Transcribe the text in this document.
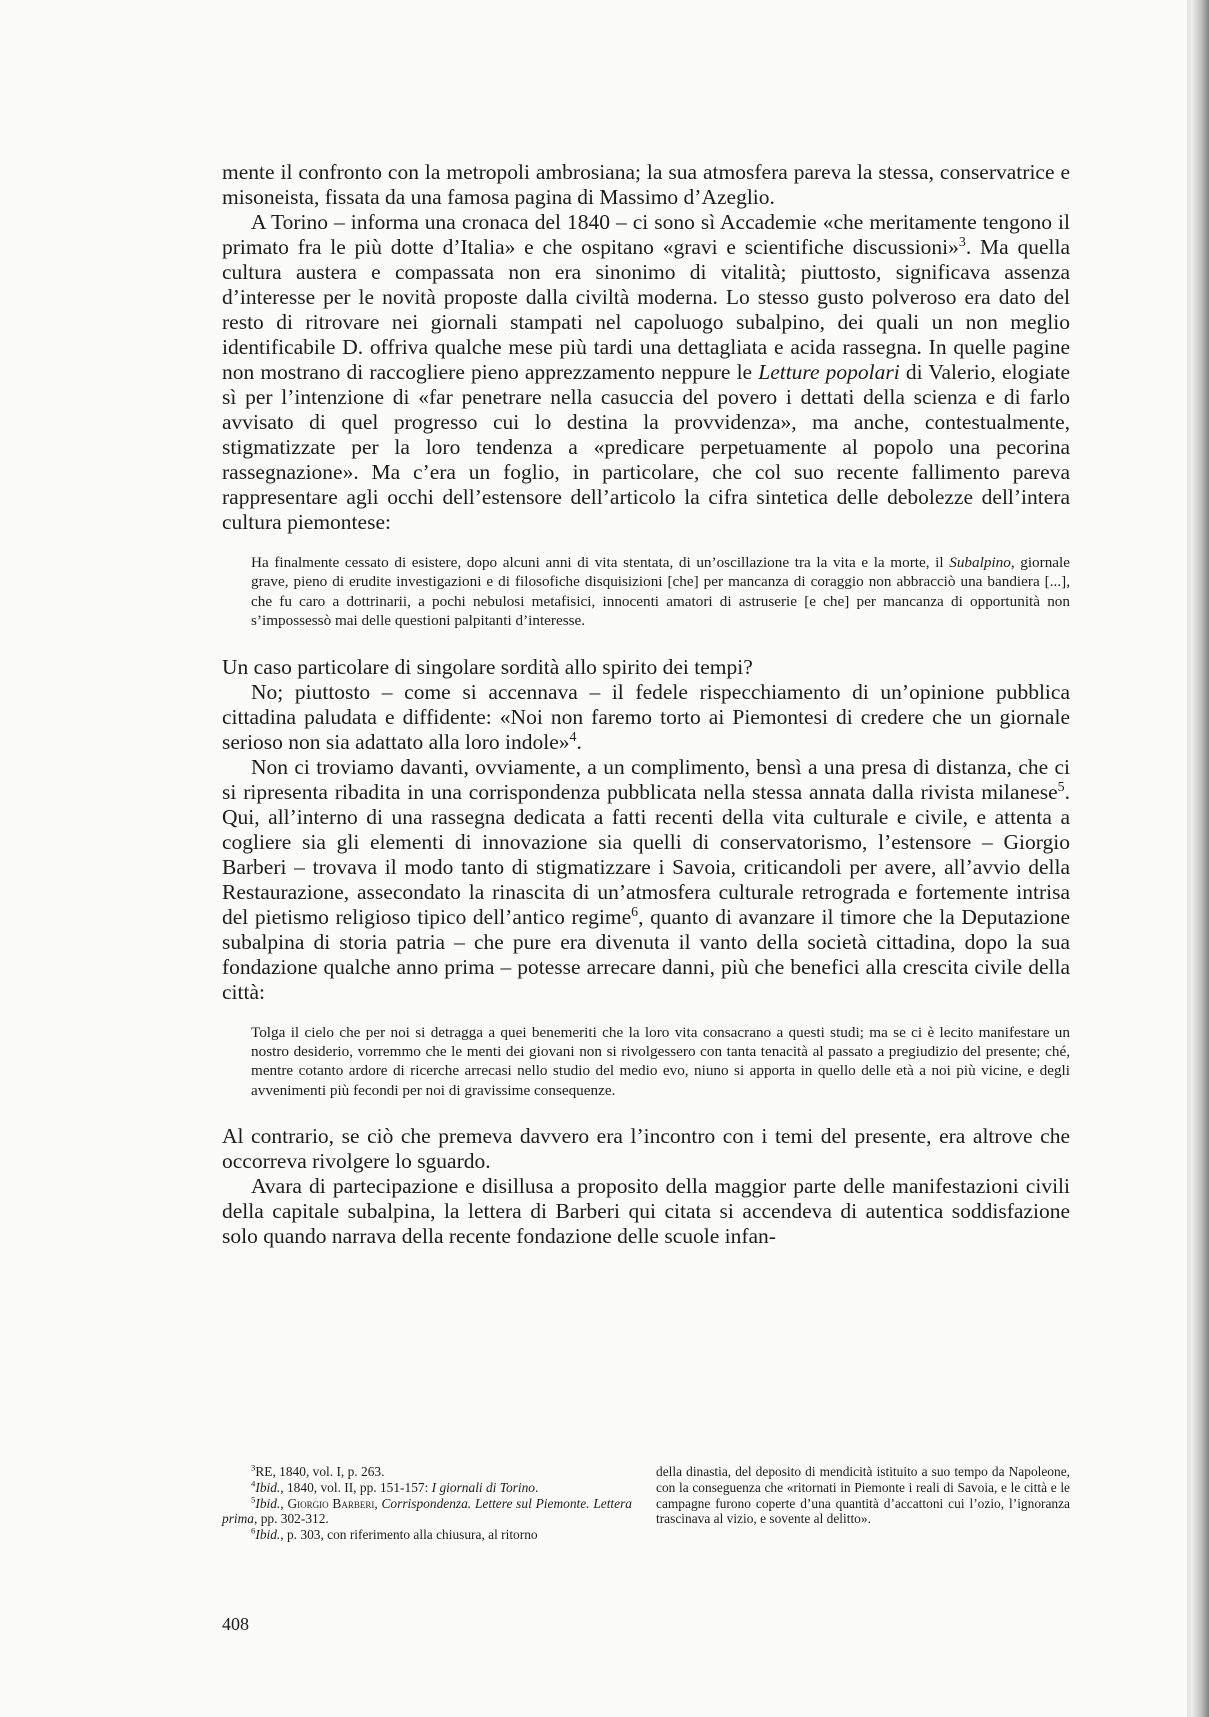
mente il confronto con la metropoli ambrosiana; la sua atmosfera pareva la stessa, conservatrice e misoneista, fissata da una famosa pagina di Massimo d’Azeglio.

A Torino – informa una cronaca del 1840 – ci sono sì Accademie «che meritamente tengono il primato fra le più dotte d’Italia» e che ospitano «gravi e scientifiche discussioni»$^3$. Ma quella cultura austera e compassata non era sinonimo di vitalità; piuttosto, significava assenza d’interesse per le novità proposte dalla civiltà moderna. Lo stesso gusto polveroso era dato del resto di ritrovare nei giornali stampati nel capoluogo subalpino, dei quali un non meglio identificabile D. offriva qualche mese più tardi una dettagliata e acida rassegna. In quelle pagine non mostrano di raccogliere pieno apprezzamento neppure le Letture popolari di Valerio, elogiate sì per l’intenzione di «far penetrare nella casuccia del povero i dettati della scienza e di farlo avvisato di quel progresso cui lo destina la provvidenza», ma anche, contestualmente, stigmatizzate per la loro tendenza a «predicare perpetuamente al popolo una pecorina rassegnazione». Ma c’era un foglio, in particolare, che col suo recente fallimento pareva rappresentare agli occhi dell’estensore dell’articolo la cifra sintetica delle debolezze dell’intera cultura piemontese:

Ha finalmente cessato di esistere, dopo alcuni anni di vita stentata, di un’oscillazione tra la vita e la morte, il Subalpino, giornale grave, pieno di erudite investigazioni e di filosofiche disquisizioni [che] per mancanza di coraggio non abbracciò una bandiera [...], che fu caro a dottrinarii, a pochi nebulosi metafisici, innocenti amatori di astruserie [e che] per mancanza di opportunità non s’impossessò mai delle questioni palpitanti d’interesse.

Un caso particolare di singolare sordità allo spirito dei tempi?

No; piuttosto – come si accennava – il fedele rispecchiamento di un’opinione pubblica cittadina paludata e diffidente: «Noi non faremo torto ai Piemontesi di credere che un giornale serioso non sia adattato alla loro indole»$^4$.

Non ci troviamo davanti, ovviamente, a un complimento, bensì a una presa di distanza, che ci si ripresenta ribadita in una corrispondenza pubblicata nella stessa annata dalla rivista milanese$^5$. Qui, all’interno di una rassegna dedicata a fatti recenti della vita culturale e civile, e attenta a cogliere sia gli elementi di innovazione sia quelli di conservatorismo, l’estensore – Giorgio Barberi – trovava il modo tanto di stigmatizzare i Savoia, criticandoli per avere, all’avvio della Restaurazione, assecondato la rinascita di un’atmosfera culturale retrograda e fortemente intrisa del pietismo religioso tipico dell’antico regime$^6$, quanto di avanzare il timore che la Deputazione subalpina di storia patria – che pure era divenuta il vanto della società cittadina, dopo la sua fondazione qualche anno prima – potesse arrecare danni, più che benefici alla crescita civile della città:

Tolga il cielo che per noi si detragga a quei benemeriti che la loro vita consacrano a questi studi; ma se ci è lecito manifestare un nostro desiderio, vorremmo che le menti dei giovani non si rivolgessero con tanta tenacità al passato a pregiudizio del presente; ché, mentre cotanto ardore di ricerche arrecasi nello studio del medio evo, niuno si apporta in quello delle età a noi più vicine, e degli avvenimenti più fecondi per noi di gravissime consequenze.

Al contrario, se ciò che premeva davvero era l’incontro con i temi del presente, era altrove che occorreva rivolgere lo sguardo.

Avara di partecipazione e disillusa a proposito della maggior parte delle manifestazioni civili della capitale subalpina, la lettera di Barberi qui citata si accendeva di autentica soddisfazione solo quando narrava della recente fondazione delle scuole infan-

$^3$RE, 1840, vol. I, p. 263.

$^4$Ibid., 1840, vol. II, pp. 151-157: I giornali di Torino.

$^5$Ibid., Giorgio Barberi, Corrispondenza. Lettere sul Piemonte. Lettera prima, pp. 302-312.

$^6$Ibid., p. 303, con riferimento alla chiusura, al ritorno

della dinastia, del deposito di mendicità istituito a suo tempo da Napoleone, con la conseguenza che «ritornati in Piemonte i reali di Savoia, e le città e le campagne furono coperte d’una quantità d’accattoni cui l’ozio, l’ignoranza trascinava al vizio, e sovente al delitto».
408
